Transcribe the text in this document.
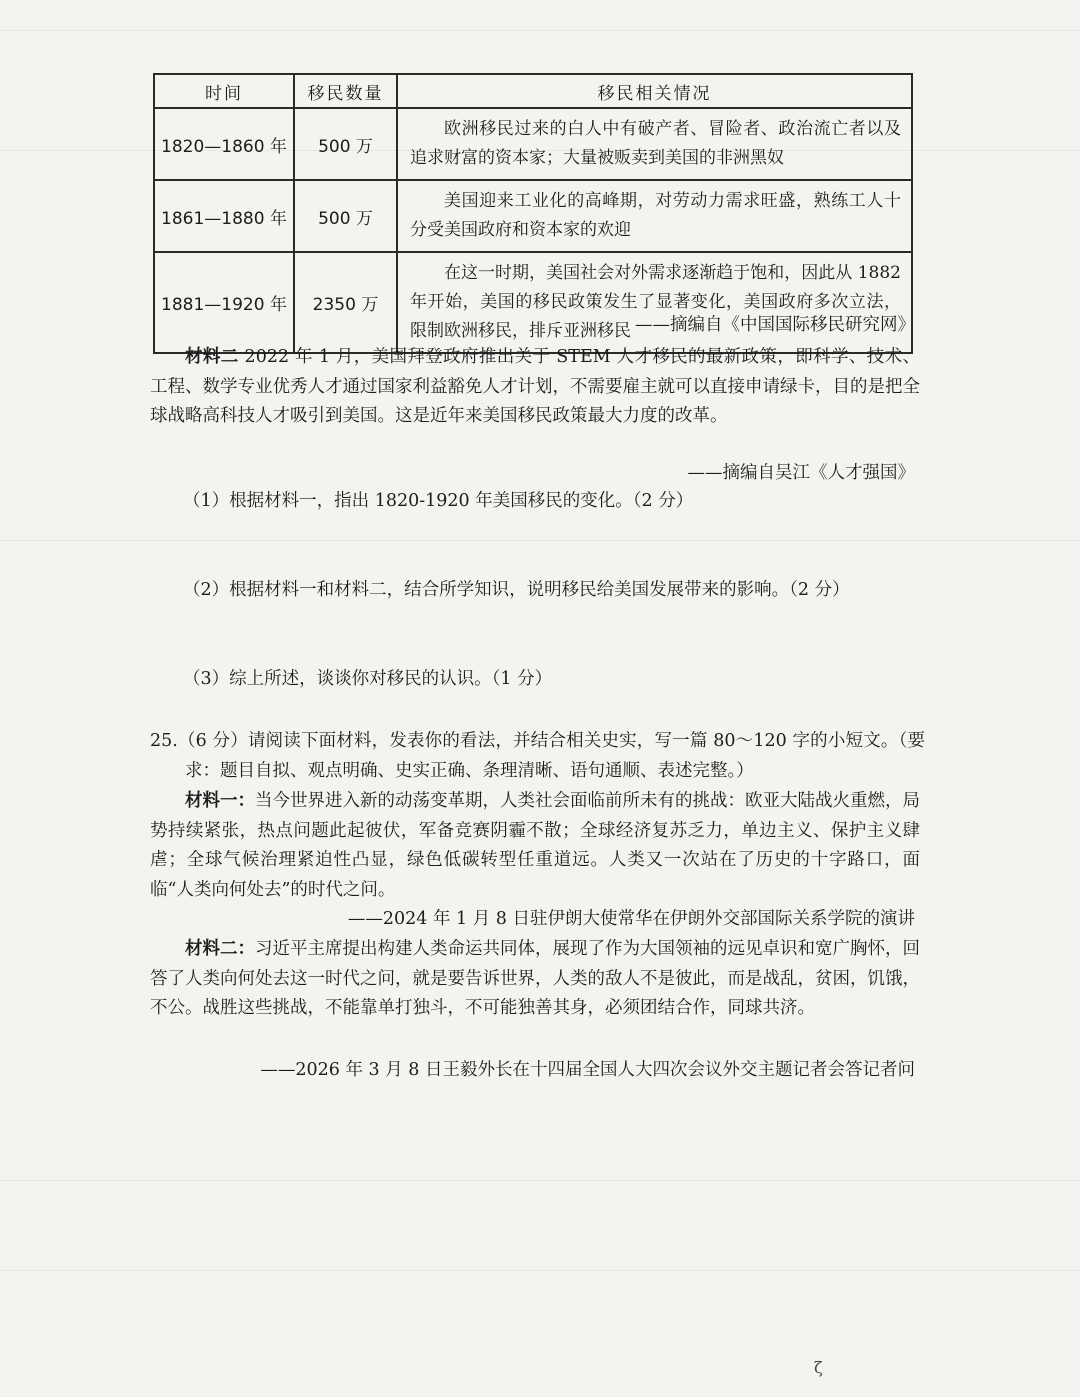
时间	移民数量	移民相关情况
1820—1860 年	500 万	欧洲移民过来的白人中有破产者、冒险者、政治流亡者以及追求财富的资本家；大量被贩卖到美国的非洲黑奴
1861—1880 年	500 万	美国迎来工业化的高峰期，对劳动力需求旺盛，熟练工人十分受美国政府和资本家的欢迎
1881—1920 年	2350 万	在这一时期，美国社会对外需求逐渐趋于饱和，因此从 1882 年开始，美国的移民政策发生了显著变化，美国政府多次立法，限制欧洲移民，排斥亚洲移民 ——摘编自《中国国际移民研究网》
材料二 2022 年 1 月，美国拜登政府推出关于 STEM 人才移民的最新政策，即科学、技术、工程、数学专业优秀人才通过国家利益豁免人才计划，不需要雇主就可以直接申请绿卡，目的是把全球战略高科技人才吸引到美国。这是近年来美国移民政策最大力度的改革。
——摘编自吴江《人才强国》
（1）根据材料一，指出 1820-1920 年美国移民的变化。（2 分）
（2）根据材料一和材料二，结合所学知识，说明移民给美国发展带来的影响。（2 分）
（3）综上所述，谈谈你对移民的认识。（1 分）
25.（6 分）请阅读下面材料，发表你的看法，并结合相关史实，写一篇 80～120 字的小短文。（要求：题目自拟、观点明确、史实正确、条理清晰、语句通顺、表述完整。）
材料一：当今世界进入新的动荡变革期，人类社会面临前所未有的挑战：欧亚大陆战火重燃，局势持续紧张，热点问题此起彼伏，军备竞赛阴霾不散；全球经济复苏乏力，单边主义、保护主义肆虐；全球气候治理紧迫性凸显，绿色低碳转型任重道远。人类又一次站在了历史的十字路口，面临“人类向何处去”的时代之问。
——2024 年 1 月 8 日驻伊朗大使常华在伊朗外交部国际关系学院的演讲
材料二：习近平主席提出构建人类命运共同体，展现了作为大国领袖的远见卓识和宽广胸怀，回答了人类向何处去这一时代之问，就是要告诉世界，人类的敌人不是彼此，而是战乱，贫困，饥饿，不公。战胜这些挑战，不能靠单打独斗，不可能独善其身，必须团结合作，同球共济。
——2026 年 3 月 8 日王毅外长在十四届全国人大四次会议外交主题记者会答记者问
ζ
